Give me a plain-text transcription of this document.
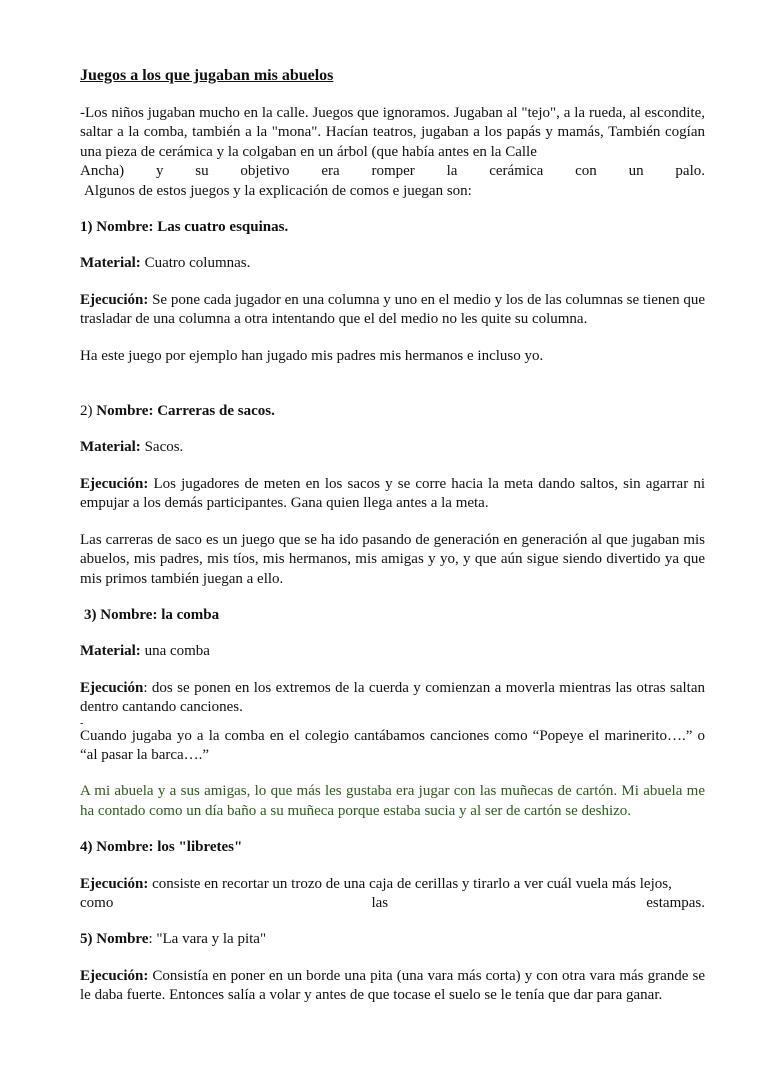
Juegos a los que jugaban mis abuelos

-Los niños jugaban mucho en la calle. Juegos que ignoramos. Jugaban al "tejo", a la rueda, al escondite, saltar a la comba, también a la "mona". Hacían teatros, jugaban a los papás y mamás, También cogían una pieza de cerámica y la colgaban en un árbol (que había antes en la Calle

Ancha) y su objetivo era romper la cerámica con un palo.

Algunos de estos juegos y la explicación de comos e juegan son:

1) Nombre: Las cuatro esquinas.

Material: Cuatro columnas.

Ejecución: Se pone cada jugador en una columna y uno en el medio y los de las columnas se tienen que trasladar de una columna a otra intentando que el del medio no les quite su columna.

Ha este juego por ejemplo han jugado mis padres mis hermanos e incluso yo.

2) Nombre: Carreras de sacos.

Material: Sacos.

Ejecución: Los jugadores de meten en los sacos y se corre hacia la meta dando saltos, sin agarrar ni empujar a los demás participantes. Gana quien llega antes a la meta.

Las carreras de saco es un juego que se ha ido pasando de generación en generación al que jugaban mis abuelos, mis padres, mis tíos, mis hermanos, mis amigas y yo, y que aún sigue siendo divertido ya que mis primos también juegan a ello.

3) Nombre: la comba

Material: una comba

Ejecución: dos se ponen en los extremos de la cuerda y comienzan a moverla mientras las otras saltan dentro cantando canciones.

-

Cuando jugaba yo a la comba en el colegio cantábamos canciones como “Popeye el marinerito….” o “al pasar la barca….”

A mi abuela y a sus amigas, lo que más les gustaba era jugar con las muñecas de cartón. Mi abuela me ha contado como un día baño a su muñeca porque estaba sucia y al ser de cartón se deshizo.

4) Nombre: los "libretes"

Ejecución: consiste en recortar un trozo de una caja de cerillas y tirarlo a ver cuál vuela más lejos,

como las estampas.

5) Nombre: "La vara y la pita"

Ejecución: Consistía en poner en un borde una pita (una vara más corta) y con otra vara más grande se le daba fuerte. Entonces salía a volar y antes de que tocase el suelo se le tenía que dar para ganar.
